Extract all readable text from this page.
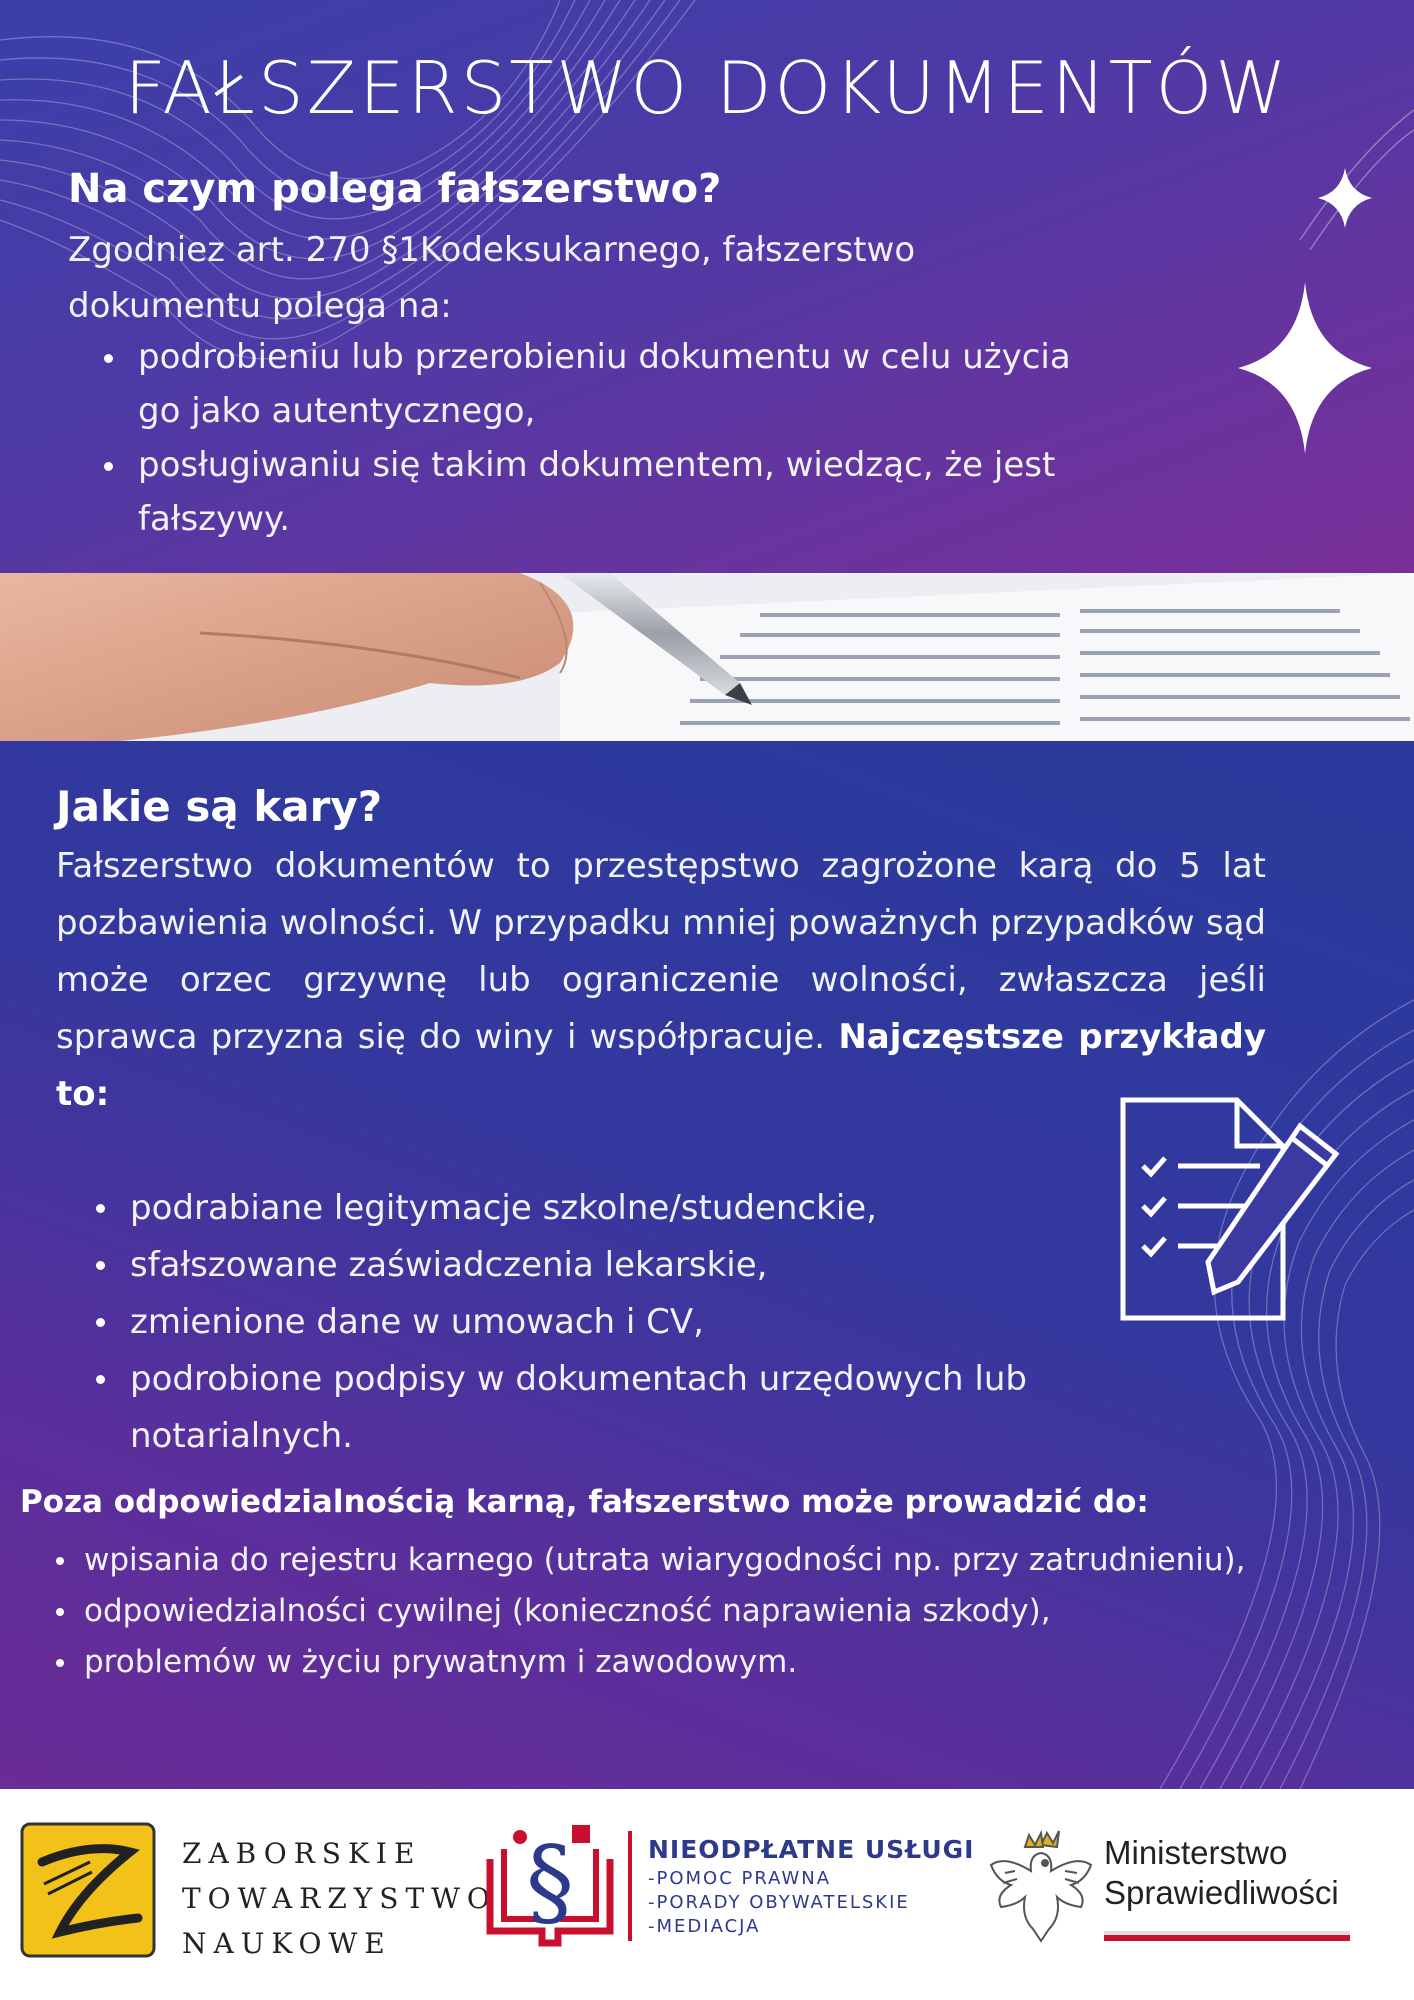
FAŁSZERSTWO DOKUMENTÓW
Na czym polega fałszerstwo?
Zgodniez art. 270 §1Kodeksukarnego, fałszerstwo
dokumentu polega na:
podrobieniu lub przerobieniu dokumentu w celu użycia
go jako autentycznego,
posługiwaniu się takim dokumentem, wiedząc, że jest
fałszywy.
Jakie są kary?
Fałszerstwo dokumentów to przestępstwo zagrożone karą do 5 lat pozbawienia wolności. W przypadku mniej poważnych przypadków sąd może orzec grzywnę lub ograniczenie wolności, zwłaszcza jeśli sprawca przyzna się do winy i współpracuje. Najczęstsze przykłady to:
podrabiane legitymacje szkolne/studenckie,
sfałszowane zaświadczenia lekarskie,
zmienione dane w umowach i CV,
podrobione podpisy w dokumentach urzędowych lub notarialnych.
Poza odpowiedzialnością karną, fałszerstwo może prowadzić do:
wpisania do rejestru karnego (utrata wiarygodności np. przy zatrudnieniu),
odpowiedzialności cywilnej (konieczność naprawienia szkody),
problemów w życiu prywatnym i zawodowym.
ZABORSKIE
TOWARZYSTWO
NAUKOWE
§	NIEODPŁATNE USŁUGI
-POMOC PRAWNA
-PORADY OBYWATELSKIE
-MEDIACJA
Ministerstwo
Sprawiedliwości
